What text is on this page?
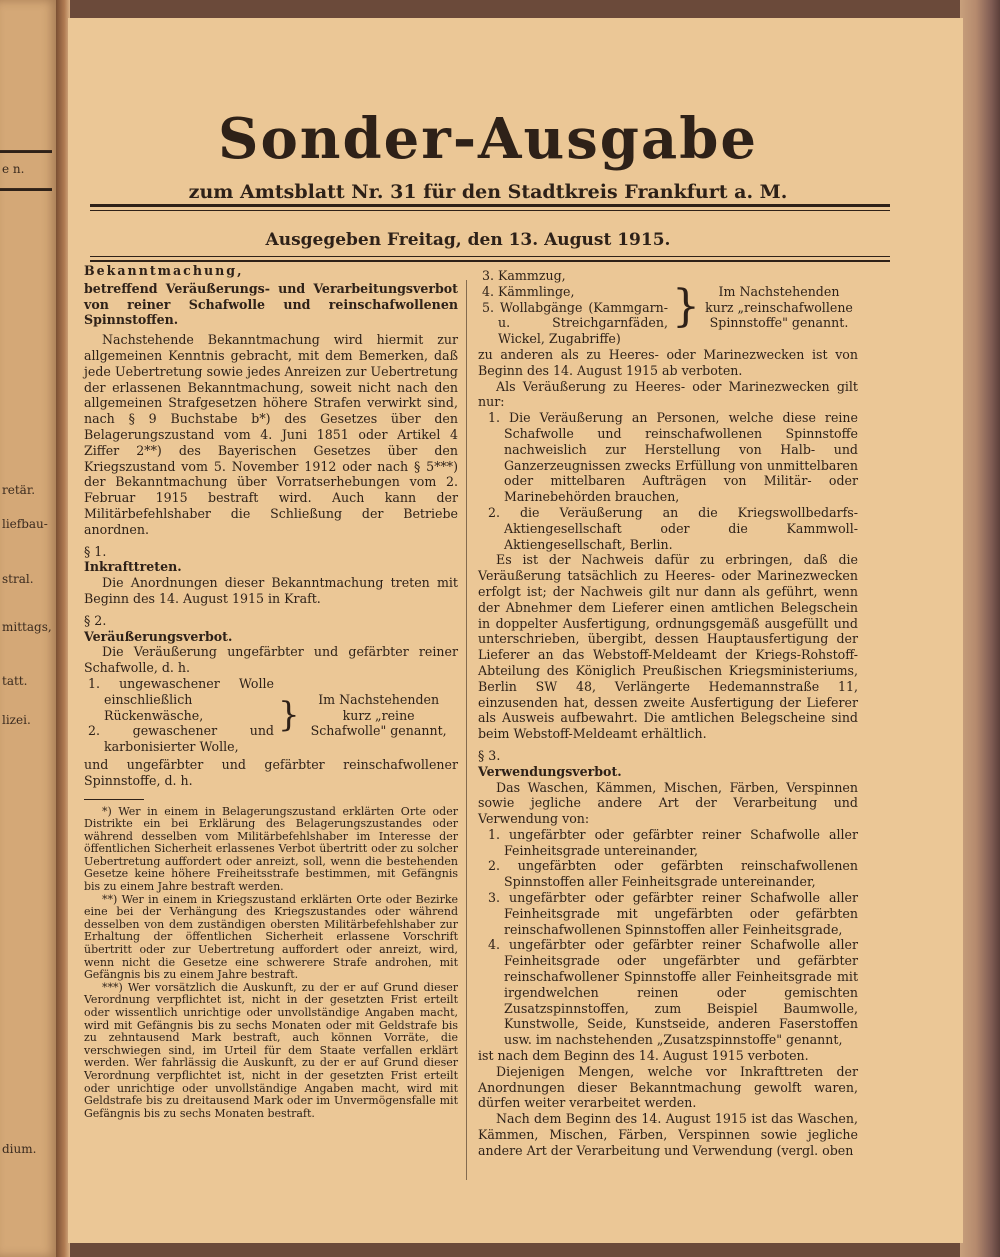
e n.
retär.
liefbau-
stral.
mittags,
tatt.
lizei.
dium.
Sonder-Ausgabe
zum Amtsblatt Nr. 31 für den Stadtkreis Frankfurt a. M.
Ausgegeben Freitag, den 13. August 1915.

Bekanntmachung,

betreffend Veräußerungs- und Verarbeitungsverbot von reiner Schafwolle und reinschafwollenen Spinnstoffen.

Nachstehende Bekanntmachung wird hiermit zur allgemeinen Kenntnis gebracht, mit dem Bemerken, daß jede Uebertretung sowie jedes Anreizen zur Uebertretung der erlassenen Bekanntmachung, soweit nicht nach den allgemeinen Strafgesetzen höhere Strafen verwirkt sind, nach § 9 Buchstabe b*) des Gesetzes über den Belagerungszustand vom 4. Juni 1851 oder Artikel 4 Ziffer 2**) des Bayerischen Gesetzes über den Kriegszustand vom 5. November 1912 oder nach § 5***) der Bekanntmachung über Vorratserhebungen vom 2. Februar 1915 bestraft wird. Auch kann der Militärbefehlshaber die Schließung der Betriebe anordnen.

§ 1.

Inkrafttreten.

Die Anordnungen dieser Bekanntmachung treten mit Beginn des 14. August 1915 in Kraft.

§ 2.

Veräußerungsverbot.

Die Veräußerung ungefärbter und gefärbter reiner Schafwolle, d. h.

1. ungewaschener Wolle einschließlich Rückenwäsche,

2. gewaschener und karbonisierter Wolle,

}	Im Nachstehenden kurz „reine Schafwolle" genannt,

und ungefärbter und gefärbter reinschafwollener Spinnstoffe, d. h.

*) Wer in einem in Belagerungszustand erklärten Orte oder Distrikte ein bei Erklärung des Belagerungszustandes oder während desselben vom Militärbefehlshaber im Interesse der öffentlichen Sicherheit erlassenes Verbot übertritt oder zu solcher Uebertretung auffordert oder anreizt, soll, wenn die bestehenden Gesetze keine höhere Freiheitsstrafe bestimmen, mit Gefängnis bis zu einem Jahre bestraft werden.

**) Wer in einem in Kriegszustand erklärten Orte oder Bezirke eine bei der Verhängung des Kriegszustandes oder während desselben von dem zuständigen obersten Militärbefehlshaber zur Erhaltung der öffentlichen Sicherheit erlassene Vorschrift übertritt oder zur Uebertretung auffordert oder anreizt, wird, wenn nicht die Gesetze eine schwerere Strafe androhen, mit Gefängnis bis zu einem Jahre bestraft.

***) Wer vorsätzlich die Auskunft, zu der er auf Grund dieser Verordnung verpflichtet ist, nicht in der gesetzten Frist erteilt oder wissentlich unrichtige oder unvollständige Angaben macht, wird mit Gefängnis bis zu sechs Monaten oder mit Geldstrafe bis zu zehntausend Mark bestraft, auch können Vorräte, die verschwiegen sind, im Urteil für dem Staate verfallen erklärt werden. Wer fahrlässig die Auskunft, zu der er auf Grund dieser Verordnung verpflichtet ist, nicht in der gesetzten Frist erteilt oder unrichtige oder unvollständige Angaben macht, wird mit Geldstrafe bis zu dreitausend Mark oder im Unvermögensfalle mit Gefängnis bis zu sechs Monaten bestraft.

3. Kammzug,

4. Kämmlinge,

5. Wollabgänge (Kammgarn- u. Streichgarnfäden, Wickel, Zugabriffe)

}	Im Nachstehenden kurz „reinschafwollene Spinnstoffe" genannt.

zu anderen als zu Heeres- oder Marinezwecken ist von Beginn des 14. August 1915 ab verboten.

Als Veräußerung zu Heeres- oder Marinezwecken gilt nur:

1. Die Veräußerung an Personen, welche diese reine Schafwolle und reinschafwollenen Spinnstoffe nachweislich zur Herstellung von Halb- und Ganzerzeugnissen zwecks Erfüllung von unmittelbaren oder mittelbaren Aufträgen von Militär- oder Marinebehörden brauchen,

2. die Veräußerung an die Kriegswollbedarfs-Aktiengesellschaft oder die Kammwoll-Aktiengesellschaft, Berlin.

Es ist der Nachweis dafür zu erbringen, daß die Veräußerung tatsächlich zu Heeres- oder Marinezwecken erfolgt ist; der Nachweis gilt nur dann als geführt, wenn der Abnehmer dem Lieferer einen amtlichen Belegschein in doppelter Ausfertigung, ordnungsgemäß ausgefüllt und unterschrieben, übergibt, dessen Hauptausfertigung der Lieferer an das Webstoff-Meldeamt der Kriegs-Rohstoff-Abteilung des Königlich Preußischen Kriegsministeriums, Berlin SW 48, Verlängerte Hedemannstraße 11, einzusenden hat, dessen zweite Ausfertigung der Lieferer als Ausweis aufbewahrt. Die amtlichen Belegscheine sind beim Webstoff-Meldeamt erhältlich.

§ 3.

Verwendungsverbot.

Das Waschen, Kämmen, Mischen, Färben, Verspinnen sowie jegliche andere Art der Verarbeitung und Verwendung von:

1. ungefärbter oder gefärbter reiner Schafwolle aller Feinheitsgrade untereinander,

2. ungefärbten oder gefärbten reinschafwollenen Spinnstoffen aller Feinheitsgrade untereinander,

3. ungefärbter oder gefärbter reiner Schafwolle aller Feinheitsgrade mit ungefärbten oder gefärbten reinschafwollenen Spinnstoffen aller Feinheitsgrade,

4. ungefärbter oder gefärbter reiner Schafwolle aller Feinheitsgrade oder ungefärbter und gefärbter reinschafwollener Spinnstoffe aller Feinheitsgrade mit irgendwelchen reinen oder gemischten Zusatzspinnstoffen, zum Beispiel Baumwolle, Kunstwolle, Seide, Kunstseide, anderen Faserstoffen usw. im nachstehenden „Zusatzspinnstoffe" genannt,

ist nach dem Beginn des 14. August 1915 verboten.

Diejenigen Mengen, welche vor Inkrafttreten der Anordnungen dieser Bekanntmachung gewolft waren, dürfen weiter verarbeitet werden.

Nach dem Beginn des 14. August 1915 ist das Waschen, Kämmen, Mischen, Färben, Verspinnen sowie jegliche andere Art der Verarbeitung und Verwendung (vergl. oben
